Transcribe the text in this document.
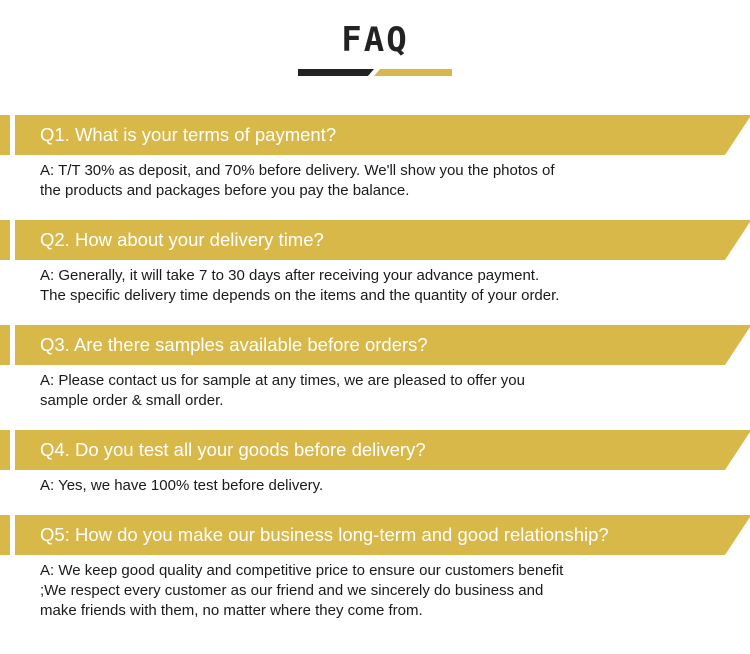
FAQ
Q1. What is your terms of payment?
A: T/T 30% as deposit, and 70% before delivery. We'll show you the photos of
the products and packages before you pay the balance.
Q2. How about your delivery time?
A: Generally, it will take 7 to 30 days after receiving your advance payment.
The specific delivery time depends on the items and the quantity of your order.
Q3. Are there samples available before orders?
A: Please contact us for sample at any times, we are pleased to offer you
sample order & small order.
Q4. Do you test all your goods before delivery?
A: Yes, we have 100% test before delivery.
Q5: How do you make our business long-term and good relationship?
A: We keep good quality and competitive price to ensure our customers benefit
;We respect every customer as our friend and we sincerely do business and
make friends with them, no matter where they come from.
